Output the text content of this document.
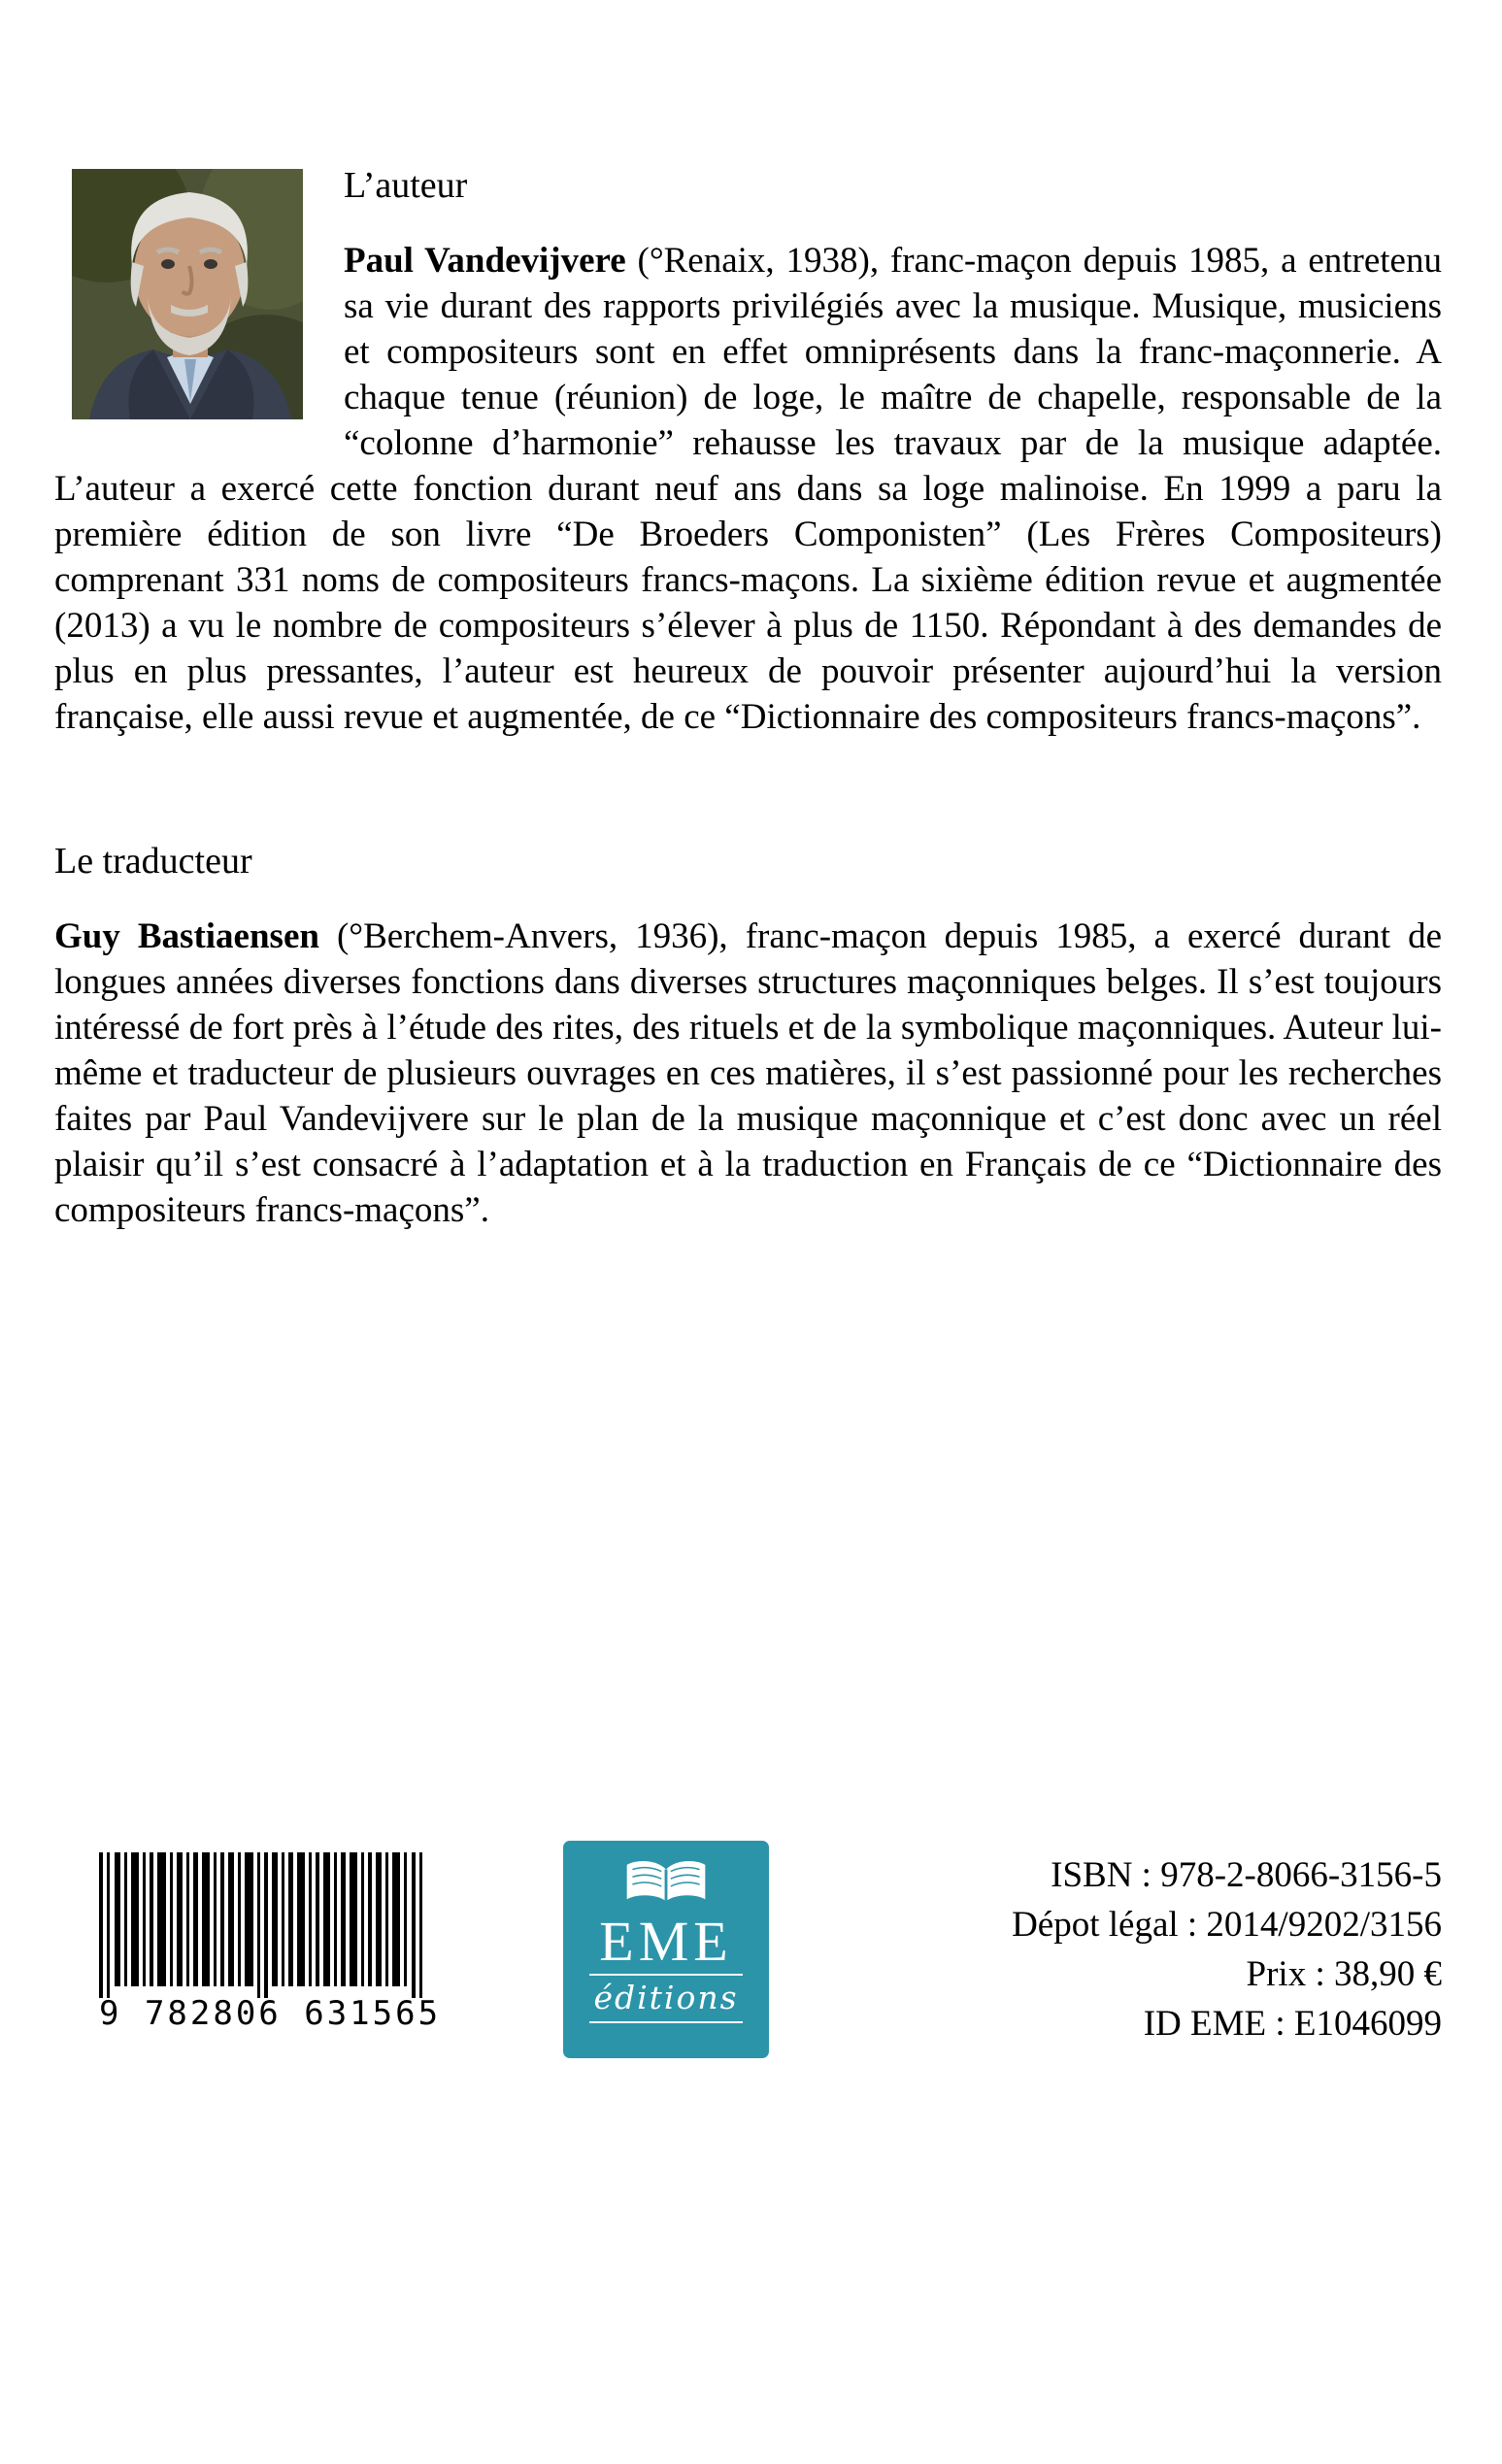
L’auteur

Paul Vandevijvere (°Renaix, 1938), franc-maçon depuis 1985, a entretenu sa vie durant des rapports privilégiés avec la musique. Musique, musiciens et compositeurs sont en effet omniprésents dans la franc-maçonnerie. A chaque tenue (réunion) de loge, le maître de chapelle, responsable de la “colonne d’harmonie” rehausse les travaux par de la musique adaptée. L’auteur a exercé cette fonction durant neuf ans dans sa loge malinoise. En 1999 a paru la première édition de son livre “De Broeders Componisten” (Les Frères Compositeurs) comprenant 331 noms de compositeurs francs-maçons. La sixième édition revue et augmentée (2013) a vu le nombre de compositeurs s’élever à plus de 1150. Répondant à des demandes de plus en plus pressantes, l’auteur est heureux de pouvoir présenter aujourd’hui la version française, elle aussi revue et augmentée, de ce “Dictionnaire des compositeurs francs-maçons”.

Le traducteur

Guy Bastiaensen (°Berchem-Anvers, 1936), franc-maçon depuis 1985, a exercé durant de longues années diverses fonctions dans diverses structures maçonniques belges. Il s’est toujours intéressé de fort près à l’étude des rites, des rituels et de la symbolique maçonniques. Auteur lui-même et traducteur de plusieurs ouvrages en ces matières, il s’est passionné pour les recherches faites par Paul Vandevijvere sur le plan de la musique maçonnique et c’est donc avec un réel plaisir qu’il s’est consacré à l’adaptation et à la traduction en Français de ce “Dictionnaire des compositeurs francs-maçons”.

9 782806 631565
EME
éditions
ISBN : 978-2-8066-3156-5
Dépot légal : 2014/9202/3156
Prix : 38,90 €
ID EME : E1046099
